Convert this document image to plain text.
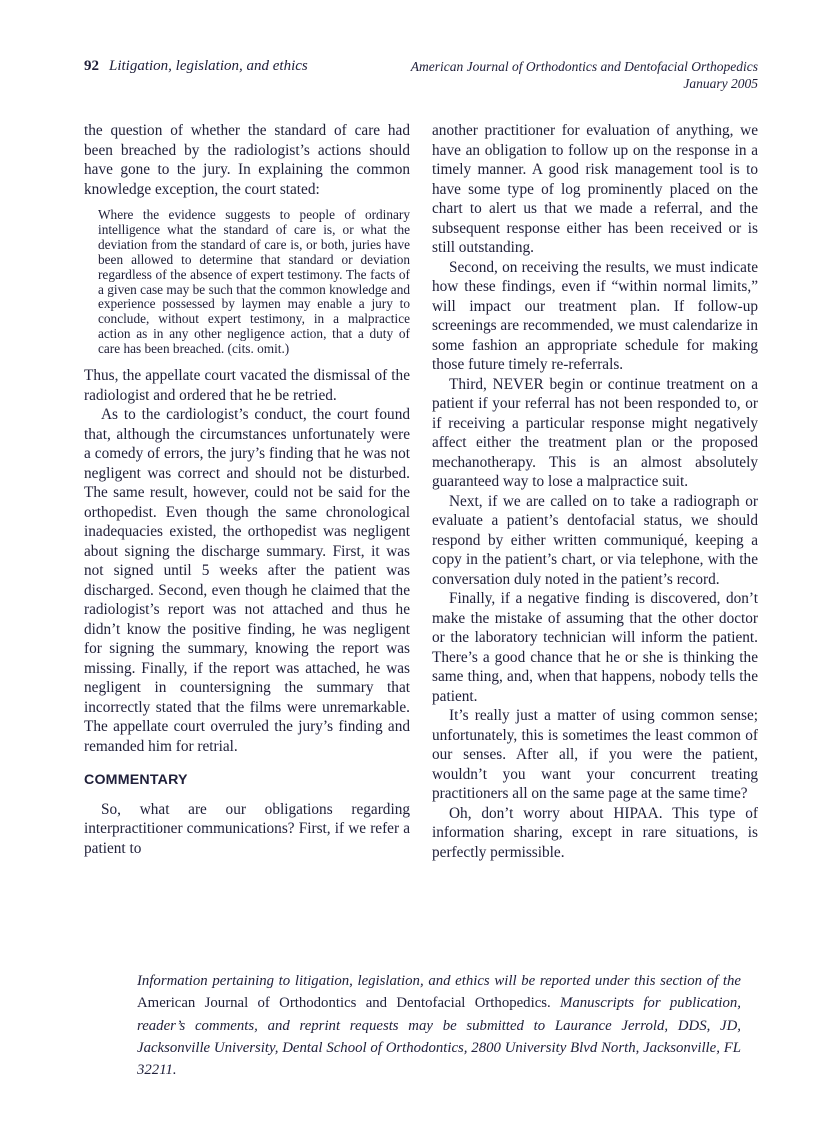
92 Litigation, legislation, and ethics	American Journal of Orthodontics and Dentofacial Orthopedics
January 2005

the question of whether the standard of care had been breached by the radiologist’s actions should have gone to the jury. In explaining the common knowledge exception, the court stated:

Where the evidence suggests to people of ordinary intelligence what the standard of care is, or what the deviation from the standard of care is, or both, juries have been allowed to determine that standard or deviation regardless of the absence of expert testimony. The facts of a given case may be such that the common knowledge and experience possessed by laymen may enable a jury to conclude, without expert testimony, in a malpractice action as in any other negligence action, that a duty of care has been breached. (cits. omit.)

Thus, the appellate court vacated the dismissal of the radiologist and ordered that he be retried.

As to the cardiologist’s conduct, the court found that, although the circumstances unfortunately were a comedy of errors, the jury’s finding that he was not negligent was correct and should not be disturbed. The same result, however, could not be said for the orthopedist. Even though the same chronological inadequacies existed, the orthopedist was negligent about signing the discharge summary. First, it was not signed until 5 weeks after the patient was discharged. Second, even though he claimed that the radiologist’s report was not attached and thus he didn’t know the positive finding, he was negligent for signing the summary, knowing the report was missing. Finally, if the report was attached, he was negligent in countersigning the summary that incorrectly stated that the films were unremarkable. The appellate court overruled the jury’s finding and remanded him for retrial.

COMMENTARY

So, what are our obligations regarding interpractitioner communications? First, if we refer a patient to

another practitioner for evaluation of anything, we have an obligation to follow up on the response in a timely manner. A good risk management tool is to have some type of log prominently placed on the chart to alert us that we made a referral, and the subsequent response either has been received or is still outstanding.

Second, on receiving the results, we must indicate how these findings, even if “within normal limits,” will impact our treatment plan. If follow-up screenings are recommended, we must calendarize in some fashion an appropriate schedule for making those future timely re-referrals.

Third, NEVER begin or continue treatment on a patient if your referral has not been responded to, or if receiving a particular response might negatively affect either the treatment plan or the proposed mechanotherapy. This is an almost absolutely guaranteed way to lose a malpractice suit.

Next, if we are called on to take a radiograph or evaluate a patient’s dentofacial status, we should respond by either written communiqué, keeping a copy in the patient’s chart, or via telephone, with the conversation duly noted in the patient’s record.

Finally, if a negative finding is discovered, don’t make the mistake of assuming that the other doctor or the laboratory technician will inform the patient. There’s a good chance that he or she is thinking the same thing, and, when that happens, nobody tells the patient.

It’s really just a matter of using common sense; unfortunately, this is sometimes the least common of our senses. After all, if you were the patient, wouldn’t you want your concurrent treating practitioners all on the same page at the same time?

Oh, don’t worry about HIPAA. This type of information sharing, except in rare situations, is perfectly permissible.

Information pertaining to litigation, legislation, and ethics will be reported under this section of the American Journal of Orthodontics and Dentofacial Orthopedics. Manuscripts for publication, reader’s comments, and reprint requests may be submitted to Laurance Jerrold, DDS, JD, Jacksonville University, Dental School of Orthodontics, 2800 University Blvd North, Jacksonville, FL 32211.
